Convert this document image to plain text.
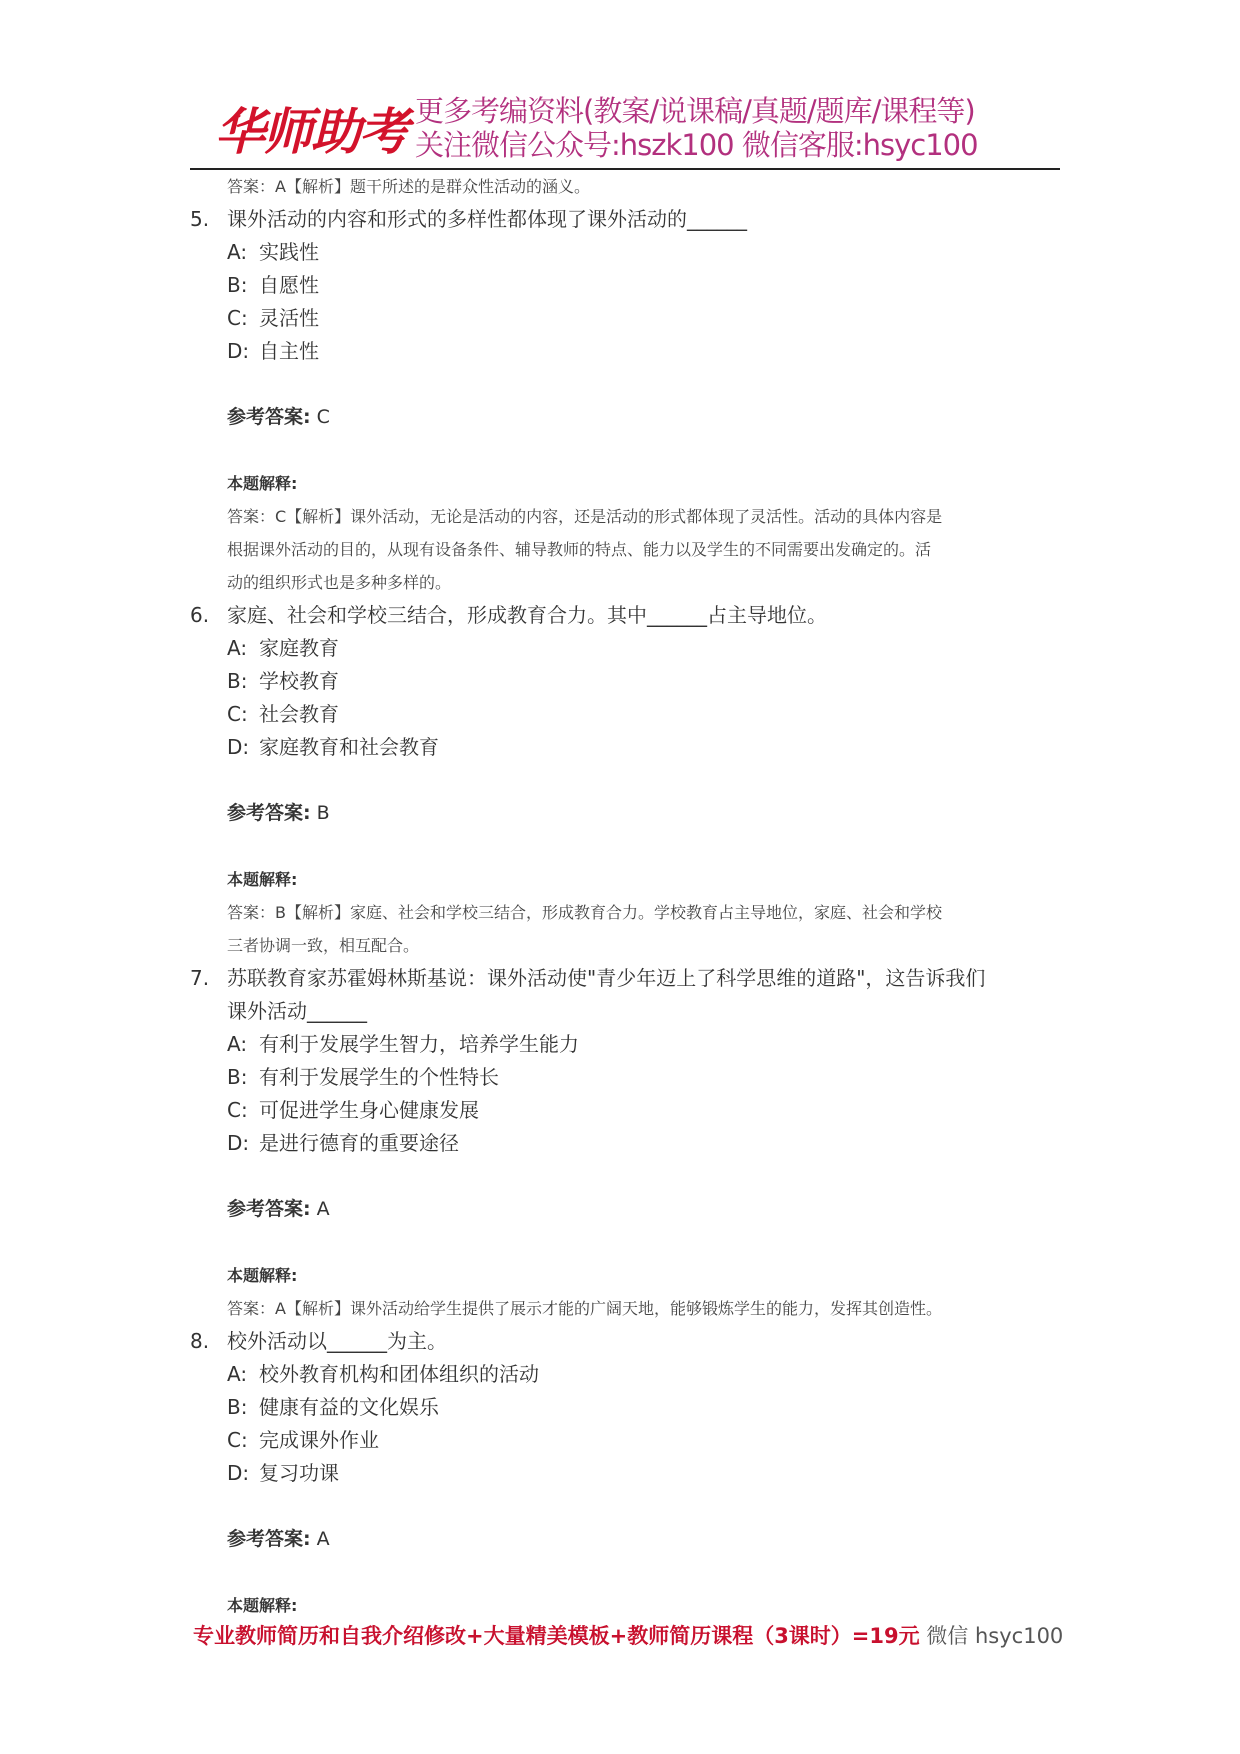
华师助考 更多考编资料(教案/说课稿/真题/题库/课程等)
关注微信公众号:hszk100 微信客服:hsyc100
答案：A【解析】题干所述的是群众性活动的涵义。
5. 课外活动的内容和形式的多样性都体现了课外活动的______
A: 实践性
B: 自愿性
C: 灵活性
D: 自主性
参考答案: C
本题解释:
答案：C【解析】课外活动，无论是活动的内容，还是活动的形式都体现了灵活性。活动的具体内容是
根据课外活动的目的，从现有设备条件、辅导教师的特点、能力以及学生的不同需要出发确定的。活
动的组织形式也是多种多样的。
6. 家庭、社会和学校三结合，形成教育合力。其中______占主导地位。
A: 家庭教育
B: 学校教育
C: 社会教育
D: 家庭教育和社会教育
参考答案: B
本题解释:
答案：B【解析】家庭、社会和学校三结合，形成教育合力。学校教育占主导地位，家庭、社会和学校
三者协调一致，相互配合。
7. 苏联教育家苏霍姆林斯基说：课外活动使"青少年迈上了科学思维的道路"，这告诉我们
课外活动______
A: 有利于发展学生智力，培养学生能力
B: 有利于发展学生的个性特长
C: 可促进学生身心健康发展
D: 是进行德育的重要途径
参考答案: A
本题解释:
答案：A【解析】课外活动给学生提供了展示才能的广阔天地，能够锻炼学生的能力，发挥其创造性。
8. 校外活动以______为主。
A: 校外教育机构和团体组织的活动
B: 健康有益的文化娱乐
C: 完成课外作业
D: 复习功课
参考答案: A
本题解释:
专业教师简历和自我介绍修改+大量精美模板+教师简历课程（3课时）=19元 微信 hsyc100
